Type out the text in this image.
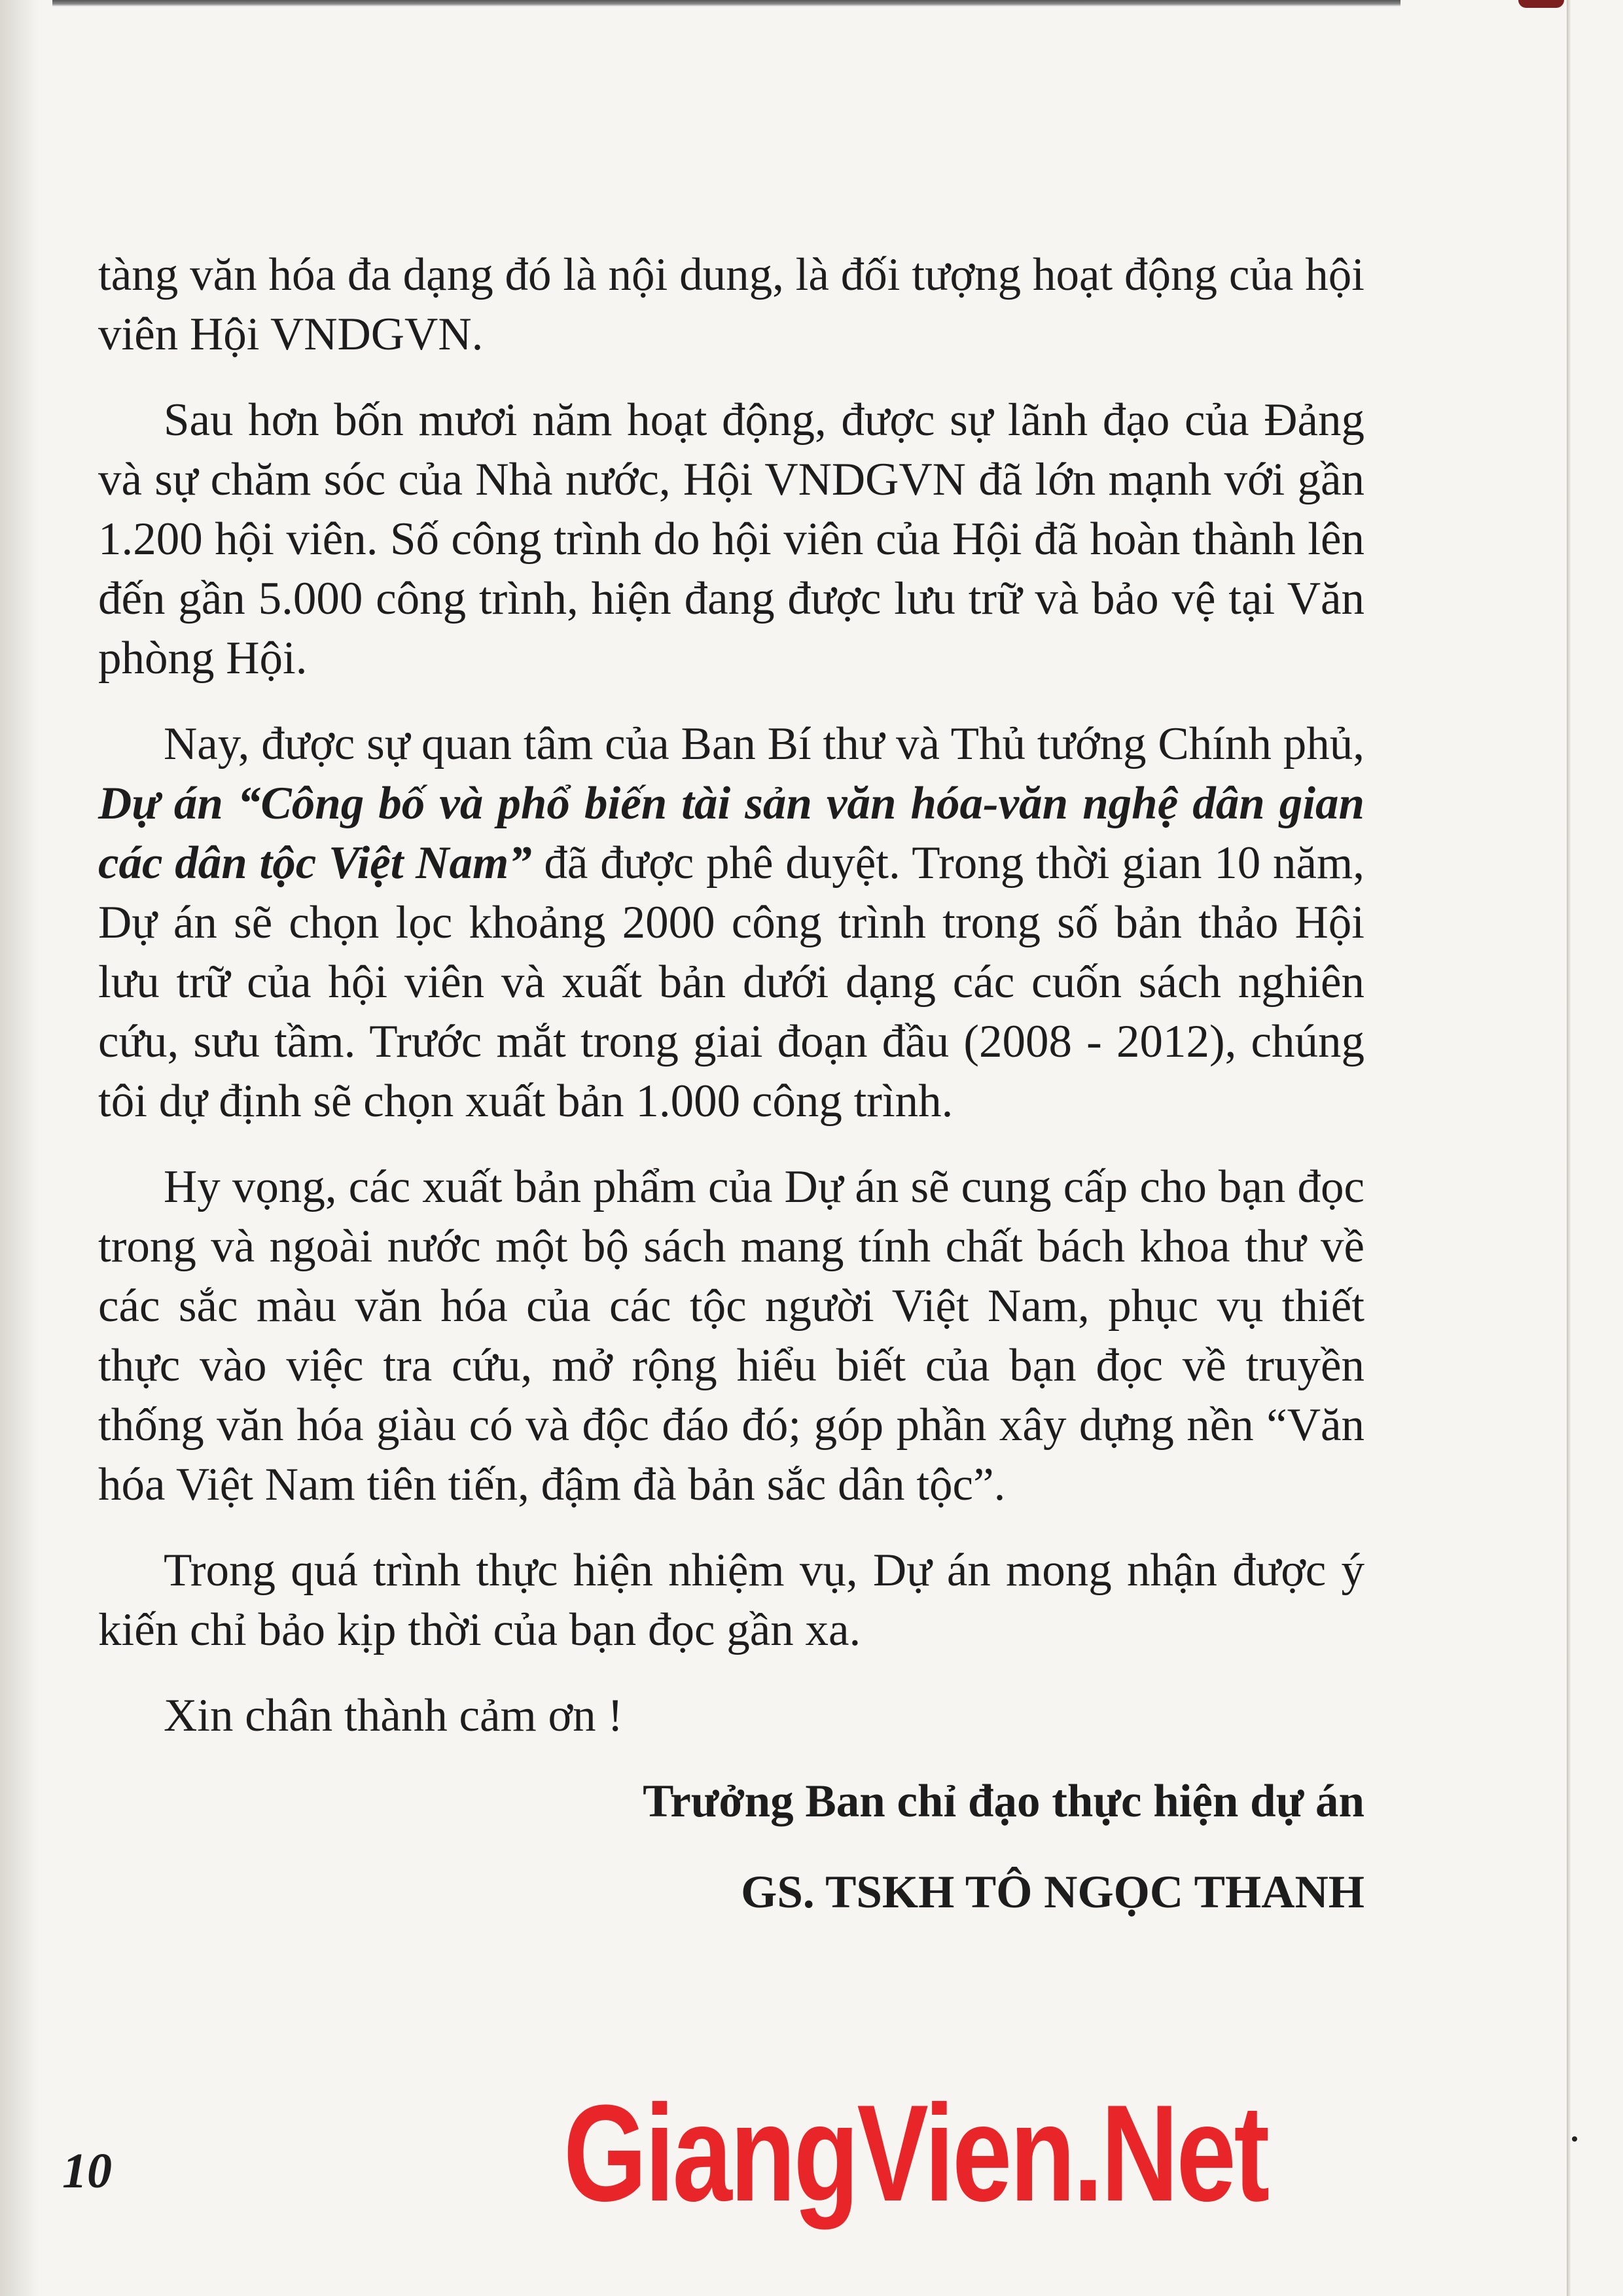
tàng văn hóa đa dạng đó là nội dung, là đối tượng hoạt động của hội viên Hội VNDGVN.

Sau hơn bốn mươi năm hoạt động, được sự lãnh đạo của Đảng và sự chăm sóc của Nhà nước, Hội VNDGVN đã lớn mạnh với gần 1.200 hội viên. Số công trình do hội viên của Hội đã hoàn thành lên đến gần 5.000 công trình, hiện đang được lưu trữ và bảo vệ tại Văn phòng Hội.

Nay, được sự quan tâm của Ban Bí thư và Thủ tướng Chính phủ, Dự án “Công bố và phổ biến tài sản văn hóa-văn nghệ dân gian các dân tộc Việt Nam” đã được phê duyệt. Trong thời gian 10 năm, Dự án sẽ chọn lọc khoảng 2000 công trình trong số bản thảo Hội lưu trữ của hội viên và xuất bản dưới dạng các cuốn sách nghiên cứu, sưu tầm. Trước mắt trong giai đoạn đầu (2008 - 2012), chúng tôi dự định sẽ chọn xuất bản 1.000 công trình.

Hy vọng, các xuất bản phẩm của Dự án sẽ cung cấp cho bạn đọc trong và ngoài nước một bộ sách mang tính chất bách khoa thư về các sắc màu văn hóa của các tộc người Việt Nam, phục vụ thiết thực vào việc tra cứu, mở rộng hiểu biết của bạn đọc về truyền thống văn hóa giàu có và độc đáo đó; góp phần xây dựng nền “Văn hóa Việt Nam tiên tiến, đậm đà bản sắc dân tộc”.

Trong quá trình thực hiện nhiệm vụ, Dự án mong nhận được ý kiến chỉ bảo kịp thời của bạn đọc gần xa.

Xin chân thành cảm ơn !

Trưởng Ban chỉ đạo thực hiện dự án

GS. TSKH TÔ NGỌC THANH

10	GiangVien.Net
